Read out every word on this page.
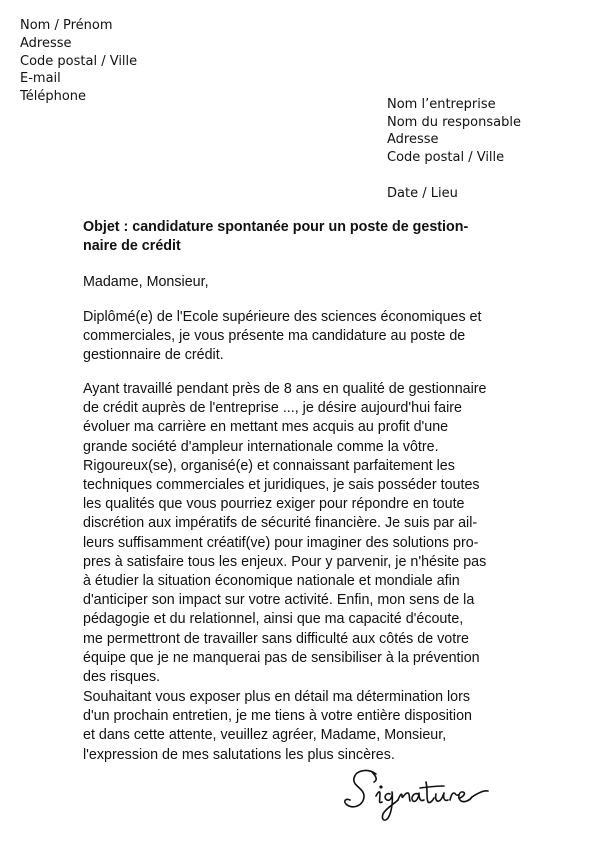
Nom / Prénom
Adresse
Code postal / Ville
E-mail
Téléphone
Nom l’entreprise
Nom du responsable
Adresse
Code postal / Ville
Date / Lieu
Objet : candidature spontanée pour un poste de gestion-
naire de crédit
Madame, Monsieur,
Diplômé(e) de l'Ecole supérieure des sciences économiques et
commerciales, je vous présente ma candidature au poste de
gestionnaire de crédit.
Ayant travaillé pendant près de 8 ans en qualité de gestionnaire
de crédit auprès de l'entreprise ..., je désire aujourd'hui faire
évoluer ma carrière en mettant mes acquis au profit d'une
grande société d'ampleur internationale comme la vôtre.
Rigoureux(se), organisé(e) et connaissant parfaitement les
techniques commerciales et juridiques, je sais posséder toutes
les qualités que vous pourriez exiger pour répondre en toute
discrétion aux impératifs de sécurité financière. Je suis par ail-
leurs suffisamment créatif(ve) pour imaginer des solutions pro-
pres à satisfaire tous les enjeux. Pour y parvenir, je n'hésite pas
à étudier la situation économique nationale et mondiale afin
d'anticiper son impact sur votre activité. Enfin, mon sens de la
pédagogie et du relationnel, ainsi que ma capacité d'écoute,
me permettront de travailler sans difficulté aux côtés de votre
équipe que je ne manquerai pas de sensibiliser à la prévention
des risques.
Souhaitant vous exposer plus en détail ma détermination lors
d'un prochain entretien, je me tiens à votre entière disposition
et dans cette attente, veuillez agréer, Madame, Monsieur,
l'expression de mes salutations les plus sincères.
